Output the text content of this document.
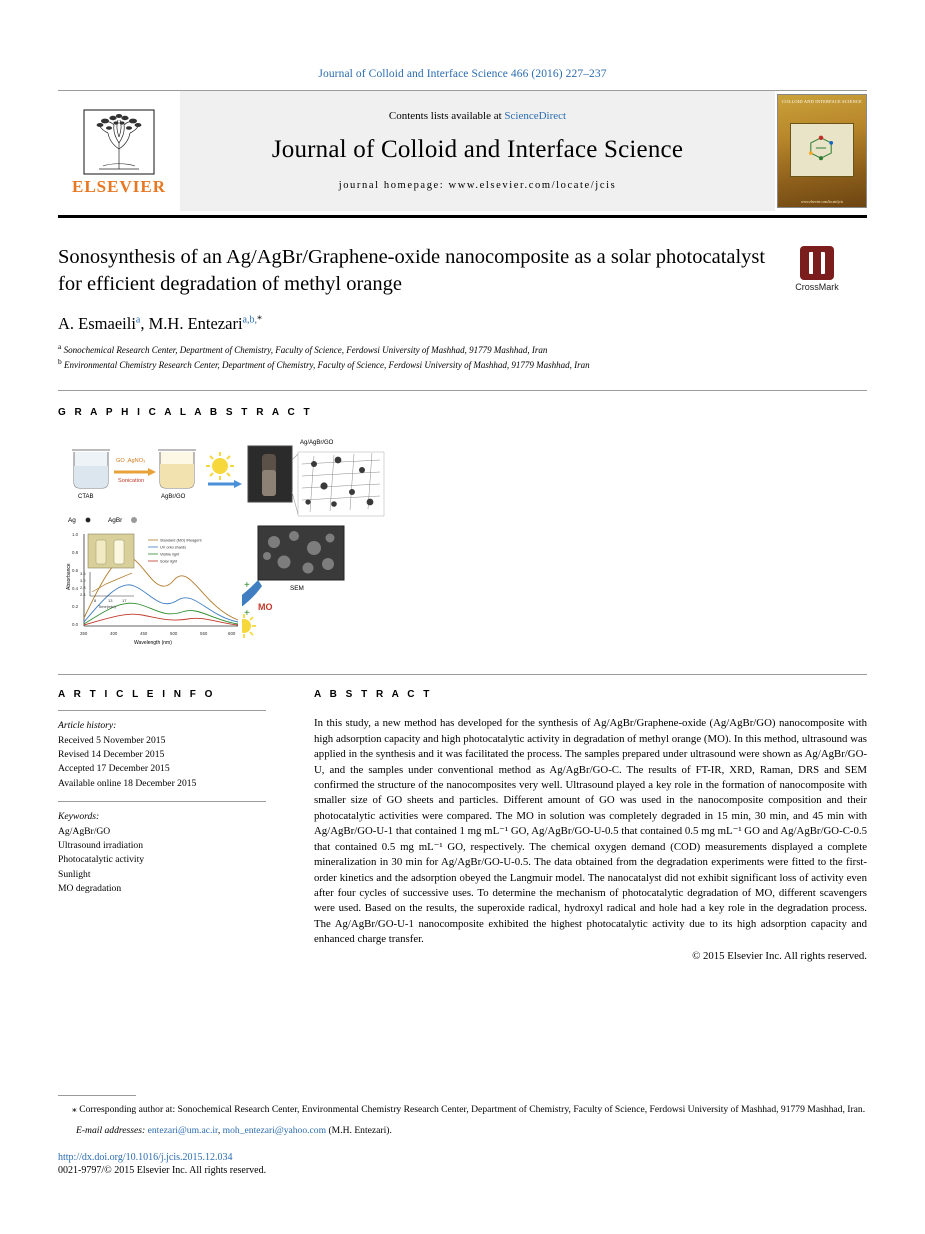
Journal of Colloid and Interface Science 466 (2016) 227–237
ELSEVIER
Contents lists available at ScienceDirect
Journal of Colloid and Interface Science
journal homepage: www.elsevier.com/locate/jcis
COLLOID AND INTERFACE SCIENCE
www.elsevier.com/locate/jcis
Sonosynthesis of an Ag/AgBr/Graphene-oxide nanocomposite as a solar photocatalyst for efficient degradation of methyl orange	CrossMark
A. Esmaeili$^a$, M.H. Entezari$^{a,b,*}$
$^a$ Sonochemical Research Center, Department of Chemistry, Faculty of Science, Ferdowsi University of Mashhad, 91779 Mashhad, Iran
$^b$ Environmental Chemistry Research Center, Department of Chemistry, Faculty of Science, Ferdowsi University of Mashhad, 91779 Mashhad, Iran
G R A P H I C A L A B S T R A C T
CTAB
GO ,AgNO₃
Sonication
AgBr/GO
Ag/AgBr/GO
Ag	AgBr
SEM
+
+
MO
350	400	450	500	550	600
1.0
0.8
0.6
0.4
0.2
0.0
Wavelength (nm)
Absorbance 3.6
3.2
2.8
2.4
8	13 17
Time(min)
Standard (MO) /Reagent
UV onto shards
Visible light
Solar light
A R T I C L E I N F O
Article history:
Received 5 November 2015
Revised 14 December 2015
Accepted 17 December 2015
Available online 18 December 2015
Keywords:
Ag/AgBr/GO
Ultrasound irradiation
Photocatalytic activity
Sunlight
MO degradation
A B S T R A C T
In this study, a new method has developed for the synthesis of Ag/AgBr/Graphene-oxide (Ag/AgBr/GO) nanocomposite with high adsorption capacity and high photocatalytic activity in degradation of methyl orange (MO). In this method, ultrasound was applied in the synthesis and it was facilitated the process. The samples prepared under ultrasound were shown as Ag/AgBr/GO-U, and the samples under conventional method as Ag/AgBr/GO-C. The results of FT-IR, XRD, Raman, DRS and SEM confirmed the structure of the nanocomposites very well. Ultrasound played a key role in the formation of nanocomposite with smaller size of GO sheets and particles. Different amount of GO was used in the nanocomposite composition and their photocatalytic activities were compared. The MO in solution was completely degraded in 15 min, 30 min, and 45 min with Ag/AgBr/GO-U-1 that contained 1 mg mL⁻¹ GO, Ag/AgBr/GO-U-0.5 that contained 0.5 mg mL⁻¹ GO and Ag/AgBr/GO-C-0.5 that contained 0.5 mg mL⁻¹ GO, respectively. The chemical oxygen demand (COD) measurements displayed a complete mineralization in 30 min for Ag/AgBr/GO-U-0.5. The data obtained from the degradation experiments were fitted to the first-order kinetics and the adsorption obeyed the Langmuir model. The nanocatalyst did not exhibit significant loss of activity even after four cycles of successive uses. To determine the mechanism of photocatalytic degradation of MO, different scavengers were used. Based on the results, the superoxide radical, hydroxyl radical and hole had a key role in the degradation process. The Ag/AgBr/GO-U-1 nanocomposite exhibited the highest photocatalytic activity due to its high adsorption capacity and enhanced charge transfer.
© 2015 Elsevier Inc. All rights reserved.
⁎ Corresponding author at: Sonochemical Research Center, Environmental Chemistry Research Center, Department of Chemistry, Faculty of Science, Ferdowsi University of Mashhad, 91779 Mashhad, Iran.
E-mail addresses: entezari@um.ac.ir, moh_entezari@yahoo.com (M.H. Entezari).
http://dx.doi.org/10.1016/j.jcis.2015.12.034
0021-9797/© 2015 Elsevier Inc. All rights reserved.
